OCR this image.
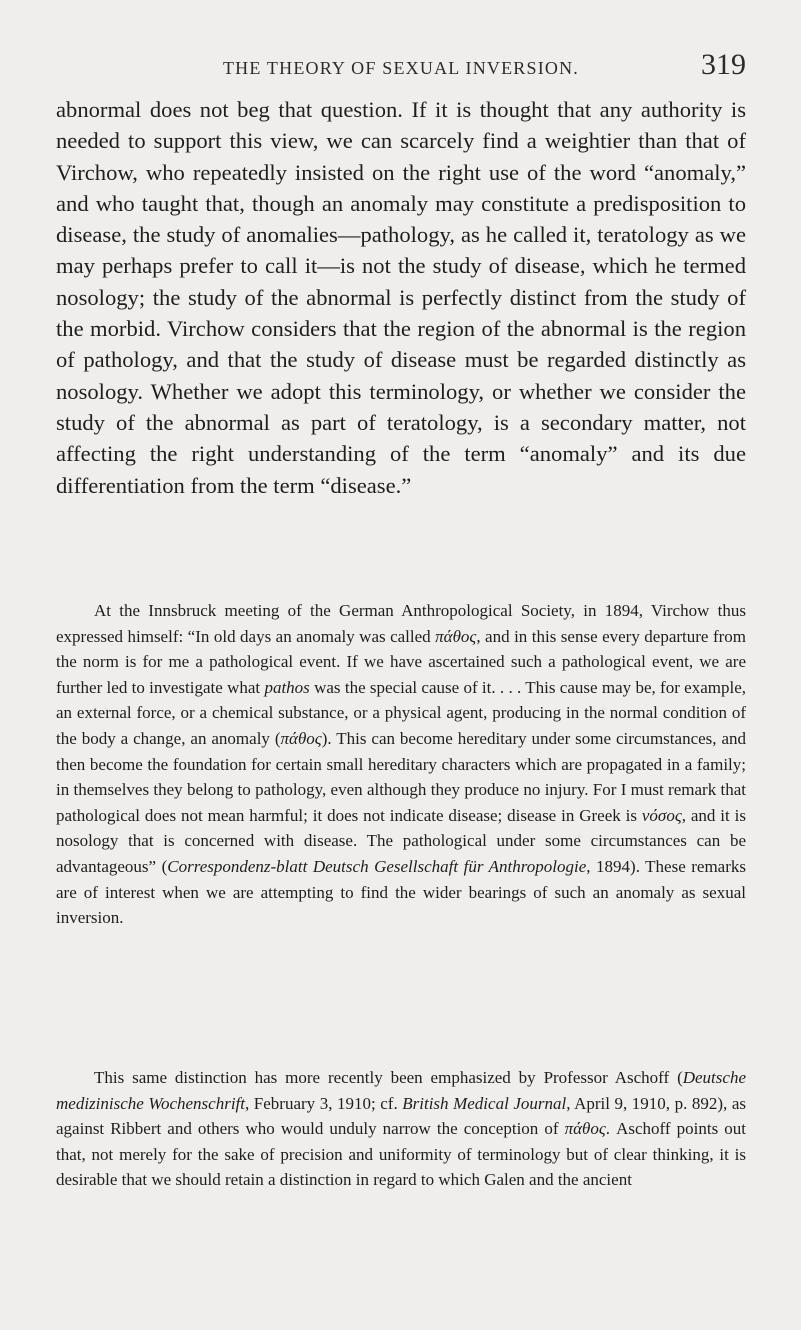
THE THEORY OF SEXUAL INVERSION.	319

abnormal does not beg that question. If it is thought that any authority is needed to support this view, we can scarcely find a weightier than that of Virchow, who repeatedly insisted on the right use of the word “anomaly,” and who taught that, though an anomaly may constitute a predisposition to disease, the study of anomalies—pathology, as he called it, teratology as we may perhaps prefer to call it—is not the study of disease, which he termed nosology; the study of the abnormal is perfectly distinct from the study of the morbid. Virchow considers that the region of the abnormal is the region of pathology, and that the study of disease must be regarded distinctly as nosology. Whether we adopt this terminology, or whether we consider the study of the abnormal as part of teratology, is a secondary matter, not affecting the right understanding of the term “anomaly” and its due differentiation from the term “disease.”

At the Innsbruck meeting of the German Anthropological Society, in 1894, Virchow thus expressed himself: “In old days an anomaly was called πάθος, and in this sense every departure from the norm is for me a pathological event. If we have ascertained such a pathological event, we are further led to investigate what pathos was the special cause of it. . . . This cause may be, for example, an external force, or a chemical substance, or a physical agent, producing in the normal condition of the body a change, an anomaly (πάθος). This can become hereditary under some circumstances, and then become the foundation for certain small hereditary characters which are propagated in a family; in themselves they belong to pathology, even although they produce no injury. For I must remark that pathological does not mean harmful; it does not indicate disease; disease in Greek is νόσος, and it is nosology that is concerned with disease. The pathological under some circumstances can be advantageous” (Correspondenz-blatt Deutsch Gesellschaft für Anthropologie, 1894). These remarks are of interest when we are attempting to find the wider bearings of such an anomaly as sexual inversion.

This same distinction has more recently been emphasized by Professor Aschoff (Deutsche medizinische Wochenschrift, February 3, 1910; cf. British Medical Journal, April 9, 1910, p. 892), as against Ribbert and others who would unduly narrow the conception of πάθος. Aschoff points out that, not merely for the sake of precision and uniformity of terminology but of clear thinking, it is desirable that we should retain a distinction in regard to which Galen and the ancient
